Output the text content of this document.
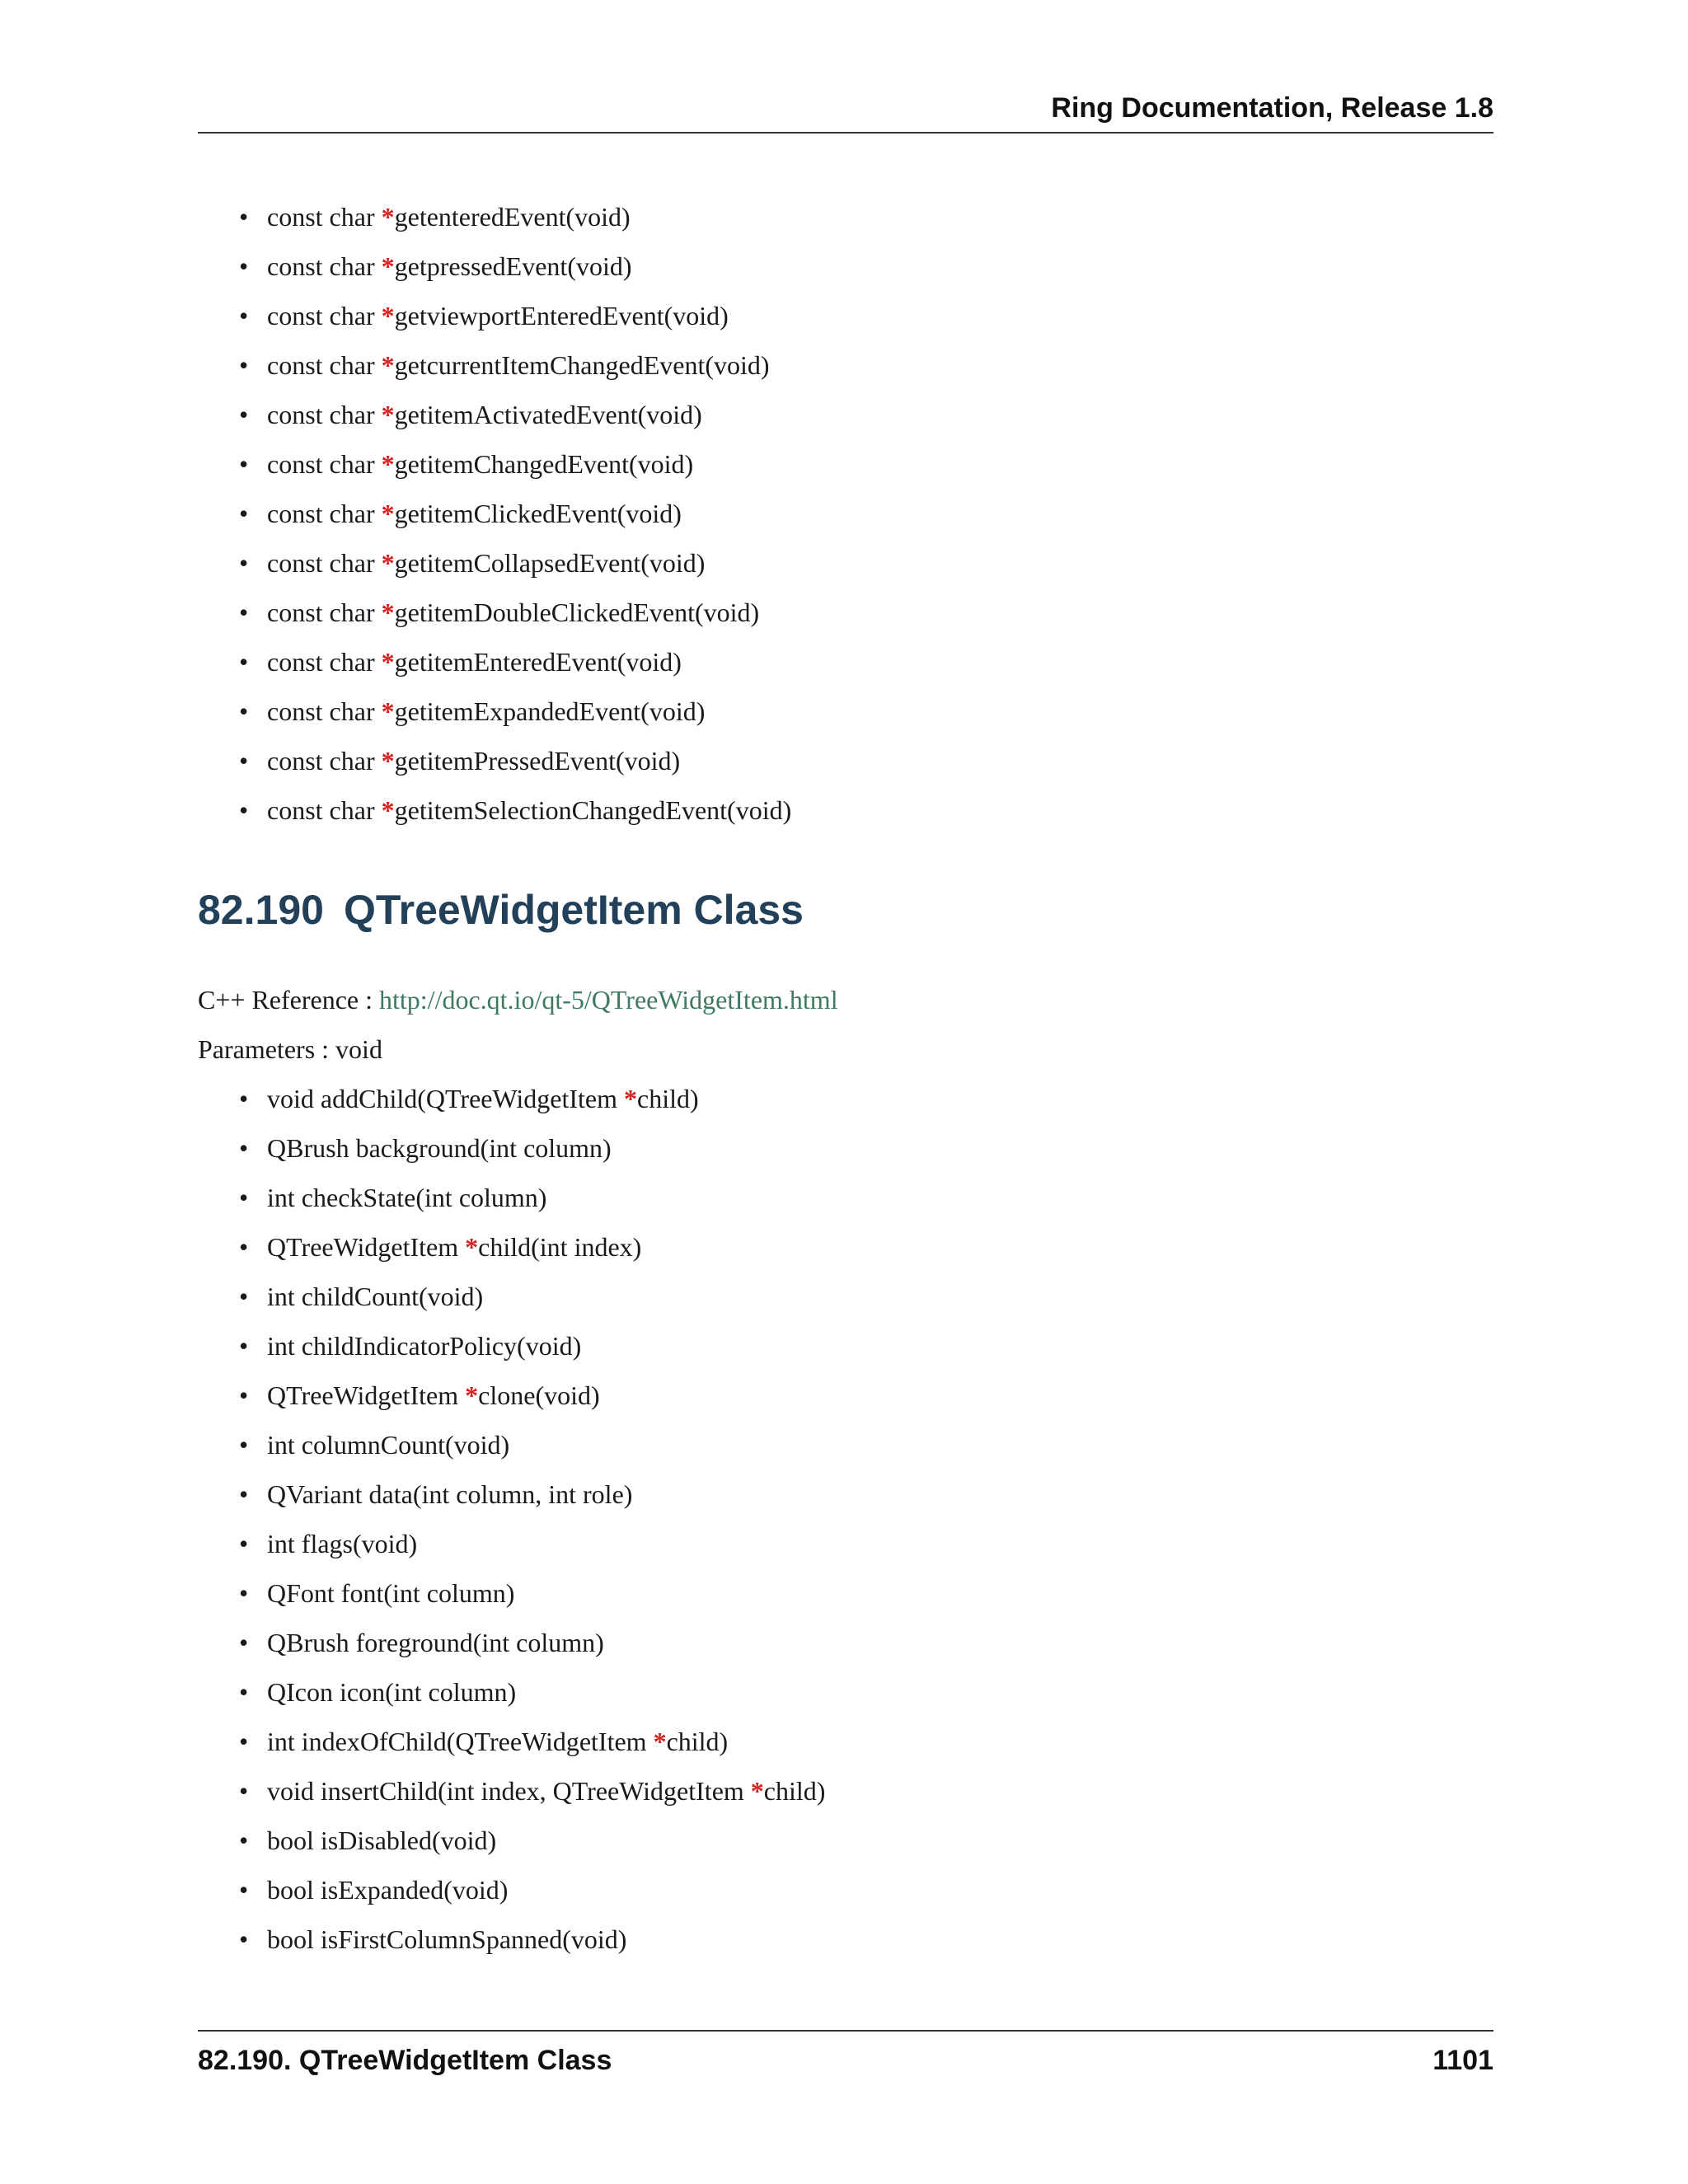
Ring Documentation, Release 1.8
• const char *getenteredEvent(void)
• const char *getpressedEvent(void)
• const char *getviewportEnteredEvent(void)
• const char *getcurrentItemChangedEvent(void)
• const char *getitemActivatedEvent(void)
• const char *getitemChangedEvent(void)
• const char *getitemClickedEvent(void)
• const char *getitemCollapsedEvent(void)
• const char *getitemDoubleClickedEvent(void)
• const char *getitemEnteredEvent(void)
• const char *getitemExpandedEvent(void)
• const char *getitemPressedEvent(void)
• const char *getitemSelectionChangedEvent(void)
82.190 QTreeWidgetItem Class
C++ Reference : http://doc.qt.io/qt-5/QTreeWidgetItem.html
Parameters : void
• void addChild(QTreeWidgetItem *child)
• QBrush background(int column)
• int checkState(int column)
• QTreeWidgetItem *child(int index)
• int childCount(void)
• int childIndicatorPolicy(void)
• QTreeWidgetItem *clone(void)
• int columnCount(void)
• QVariant data(int column, int role)
• int flags(void)
• QFont font(int column)
• QBrush foreground(int column)
• QIcon icon(int column)
• int indexOfChild(QTreeWidgetItem *child)
• void insertChild(int index, QTreeWidgetItem *child)
• bool isDisabled(void)
• bool isExpanded(void)
• bool isFirstColumnSpanned(void)
82.190. QTreeWidgetItem Class	1101
